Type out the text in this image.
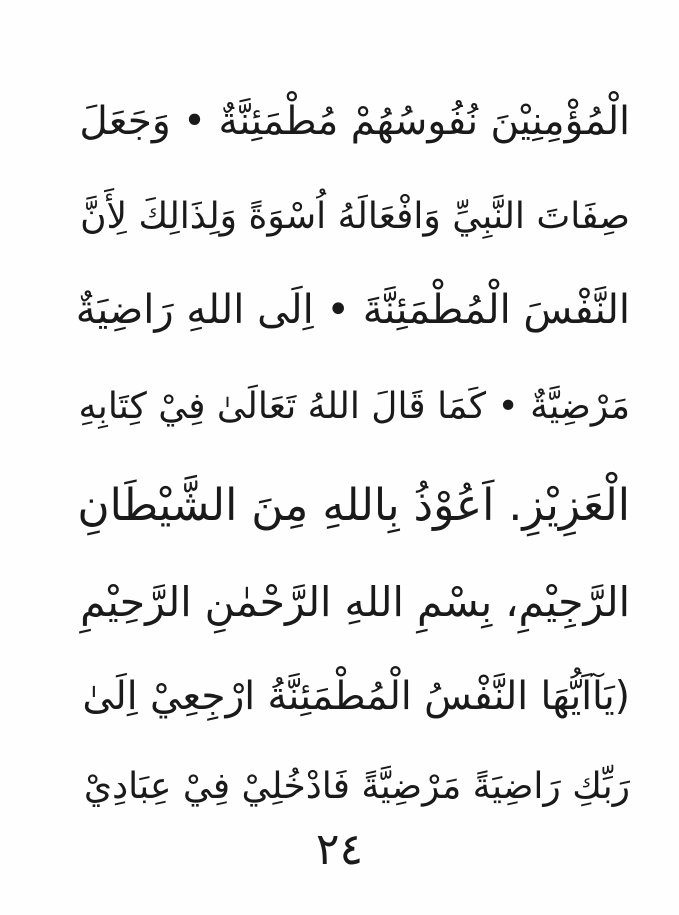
الْمُؤْمِنِيْنَ نُفُوسُهُمْ مُطْمَئِنَّةٌ • وَجَعَلَ
صِفَاتَ النَّبِيِّ وَافْعَالَهُ اُسْوَةً وَلِذَالِكَ لِأَنَّ
النَّفْسَ الْمُطْمَئِنَّةَ • اِلَى اللهِ رَاضِيَةٌ
مَرْضِيَّةٌ • كَمَا قَالَ اللهُ تَعَالَىٰ فِيْ كِتَابِهِ
الْعَزِيْزِ. اَعُوْذُ بِاللهِ مِنَ الشَّيْطَانِ
الرَّجِيْمِ، بِسْمِ اللهِ الرَّحْمٰنِ الرَّحِيْمِ
(يَآاَيُّهَا النَّفْسُ الْمُطْمَئِنَّةُ ارْجِعِيْ اِلَىٰ
رَبِّكِ رَاضِيَةً مَرْضِيَّةً فَادْخُلِيْ فِيْ عِبَادِيْ
٢٤
